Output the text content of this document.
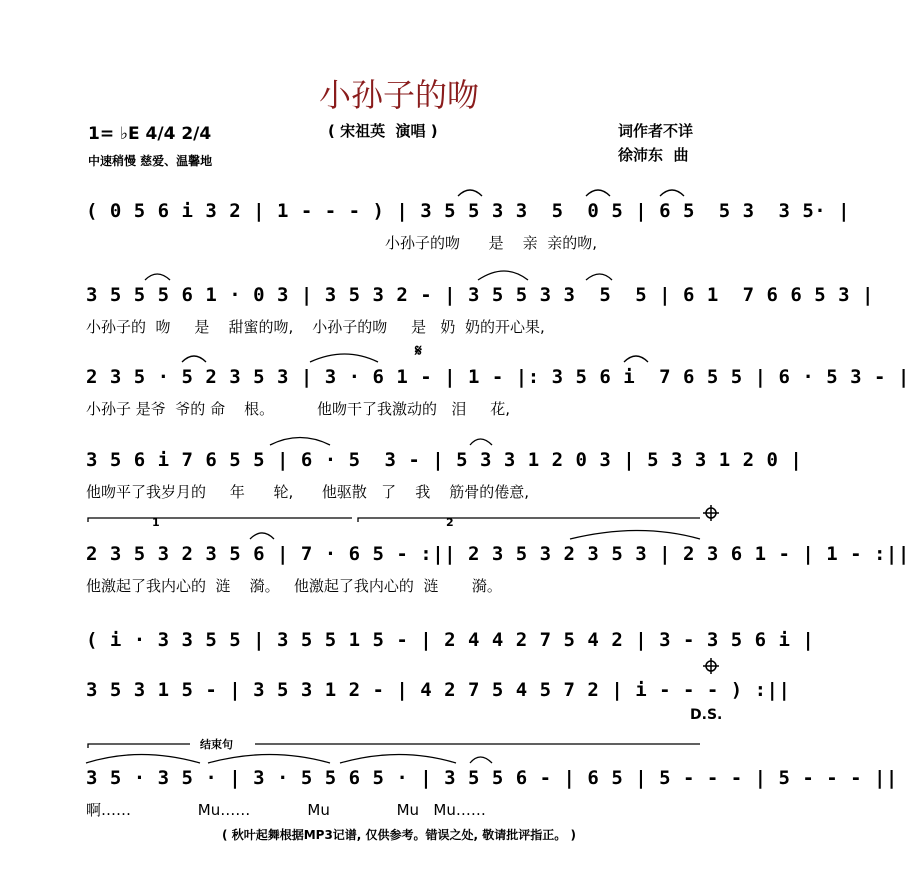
小孙子的吻
( 宋祖英  演唱 )
1= ♭E 4/4 2/4
中速稍慢 慈爱、温馨地
词作者不详
徐沛东  曲
( 0 5 6 i 3 2 | 1 - - - ) | 3 5 5 3 3  5  0 5 | 6 5  5 3  3 5· |
小孙子的吻      是    亲  亲的吻,
3 5 5 5 6 1 · 0 3 | 3 5 3 2 - | 3 5 5 3 3  5  5 | 6 1  7 6 6 5 3 |
小孙子的  吻     是    甜蜜的吻,    小孙子的吻     是   奶  奶的开心果,
2 3 5 · 5 2 3 5 3 | 3 · 6 1 - | 1 - |: 3 5 6 i  7 6 5 5 | 6 · 5 3 - |
小孙子 是爷  爷的 命    根。         他吻干了我激动的   泪     花,
3 5 6 i 7 6 5 5 | 6 · 5  3 - | 5 3 3 1 2 0 3 | 5 3 3 1 2 0 |
他吻平了我岁月的     年      轮,      他驱散   了    我    筋骨的倦意,
1	2
2 3 5 3 2 3 5 6 | 7 · 6 5 - :|| 2 3 5 3 2 3 5 3 | 2 3 6 1 - | 1 - :||
他激起了我内心的  涟    漪。   他激起了我内心的  涟       漪。
( i · 3 3 5 5 | 3 5 5 1 5 - | 2 4 4 2 7 5 4 2 | 3 - 3 5 6 i |
3 5 3 1 5 - | 3 5 3 1 2 - | 4 2 7 5 4 5 7 2 | i - - - ) :||
D.S.
结束句
3 5 · 3 5 · | 3 · 5 5 6 5 · | 3 5 5 6 - | 6 5 | 5 - - - | 5 - - - ||
啊……              Mu……            Mu              Mu   Mu……
( 秋叶起舞根据MP3记谱, 仅供参考。错误之处, 敬请批评指正。 )
𝄋
